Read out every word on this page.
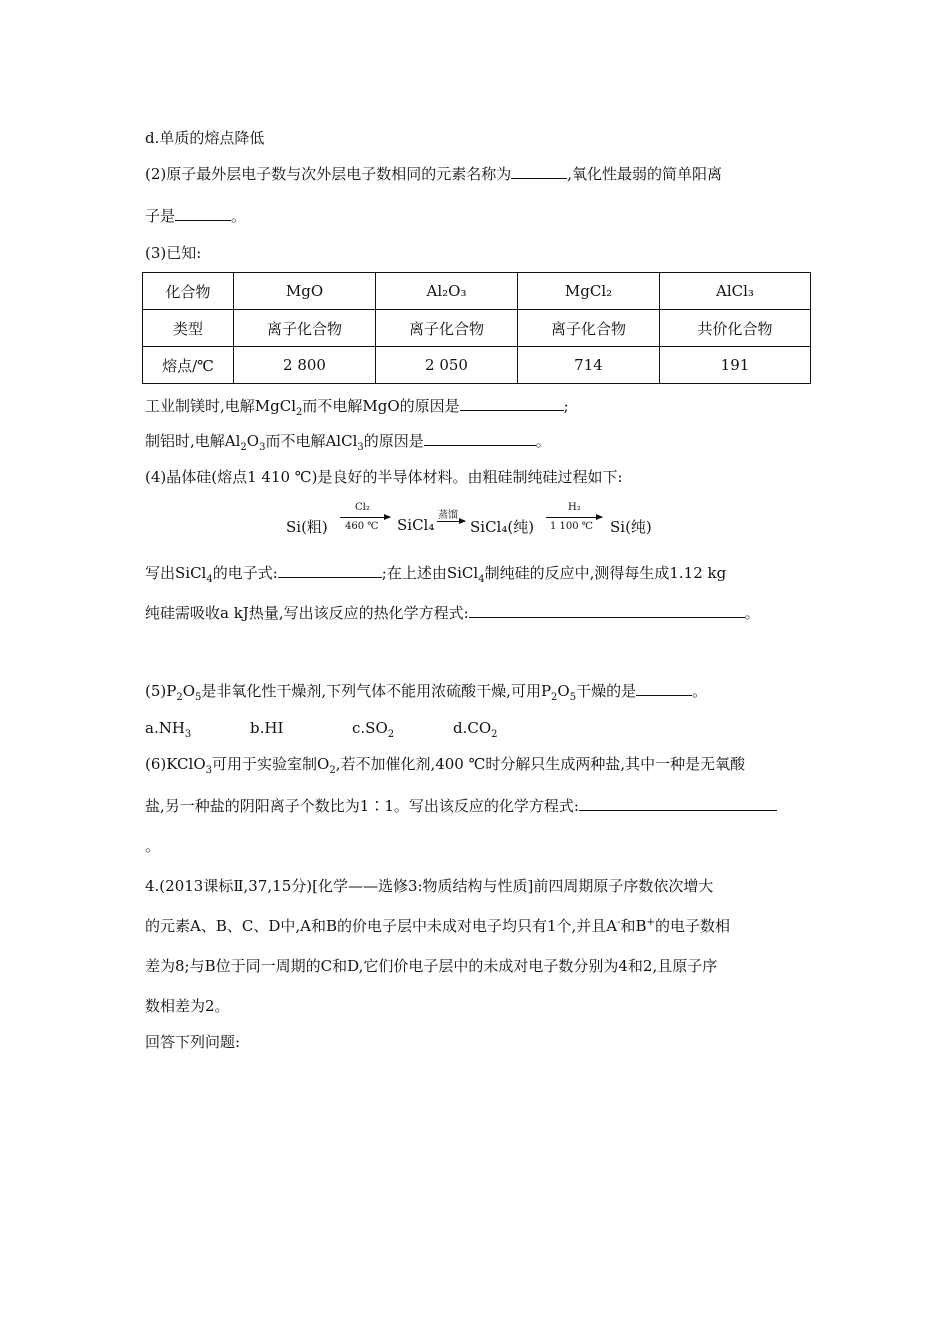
d.单质的熔点降低
(2)原子最外层电子数与次外层电子数相同的元素名称为	,氧化性最弱的简单阳离
子是	。
(3)已知:
化合物	MgO	Al₂O₃	MgCl₂	AlCl₃
类型	离子化合物	离子化合物	离子化合物	共价化合物
熔点/℃	2 800	2 050	714	191
工业制镁时,电解MgCl$_2$而不电解MgO的原因是	;
制铝时,电解$Al_2O_3$而不电解AlCl$_3$的原因是	。
(4)晶体硅(熔点1 410 ℃)是良好的半导体材料。由粗硅制纯硅过程如下:
Si(粗)
Cl₂
460 ℃ SiCl₄
蒸馏
SiCl₄(纯)
H₂
1 100 ℃ Si(纯)
写出SiCl$_4$的电子式:	;在上述由SiCl$_4$制纯硅的反应中,测得每生成1.12 kg
纯硅需吸收a kJ热量,写出该反应的热化学方程式:	。
$(5)P_2O_5$是非氧化性干燥剂,下列气体不能用浓硫酸干燥,可用$P_2O_5$干燥的是	。
$a.NH_3$	b.HI	$c.SO_2$	$d.CO_2$
(6)KClO$_3$可用于实验室制$O_2$,若不加催化剂,400 ℃时分解只生成两种盐,其中一种是无氧酸
盐,另一种盐的阴阳离子个数比为1∶1。写出该反应的化学方程式:
。
4.(2013课标Ⅱ,37,15分)[化学——选修3:物质结构与性质]前四周期原子序数依次增大
的元素A、B、C、D中,A和B的价电子层中未成对电子均只有1个,并且A-和B+的电子数相
差为8;与B位于同一周期的C和D,它们价电子层中的未成对电子数分别为4和2,且原子序
数相差为2。
回答下列问题:
